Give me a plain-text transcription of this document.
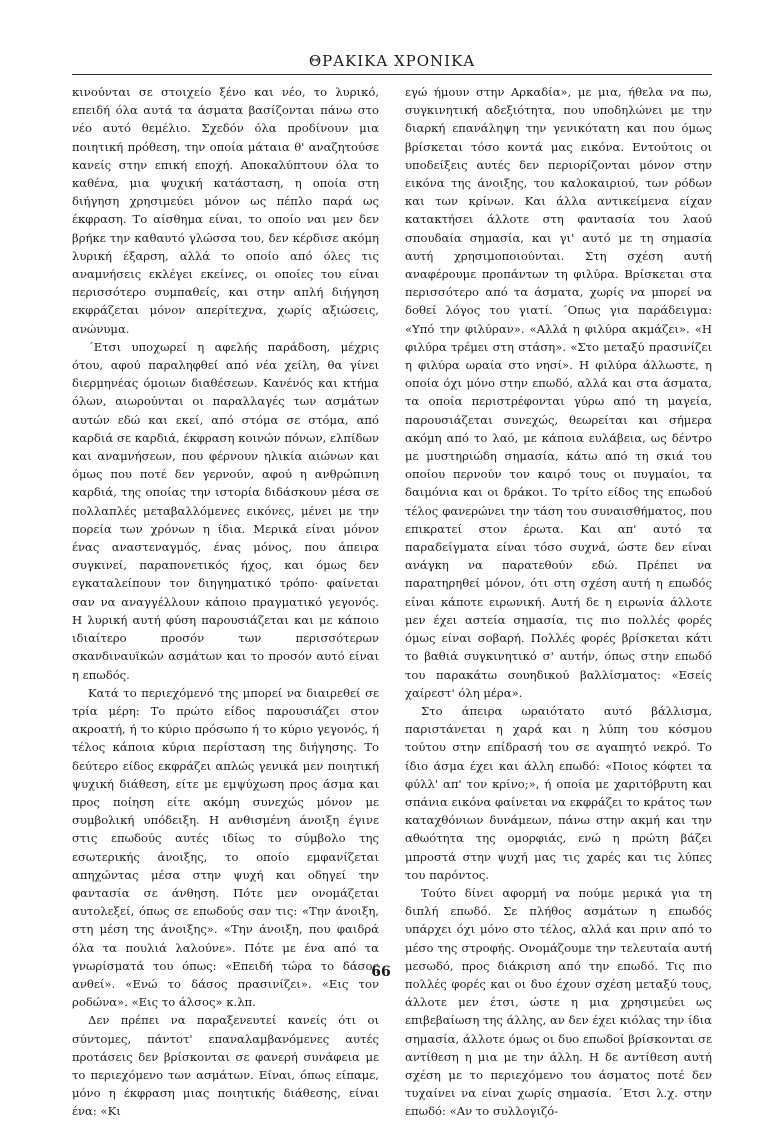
ΘΡΑΚΙΚΑ ΧΡΟΝΙΚΑ

κινούνται σε στοιχείο ξένο και νέο, το λυρικό, επειδή όλα αυτά τα άσματα βασίζονται πάνω στο νέο αυτό θεμέλιο. Σχεδόν όλα προδίνουν μια ποιητική πρόθεση, την οποία μάταια θ' αναζητούσε κανείς στην επική εποχή. Αποκαλύπτουν όλα το καθένα, μια ψυχική κατάσταση, η οποία στη διήγηση χρησιμεύει μόνον ως πέπλο παρά ως έκφραση. Το αίσθημα είναι, το οποίο ναι μεν δεν βρήκε την καθαυτό γλώσσα του, δεν κέρδισε ακόμη λυρική έξαρση, αλλά το οποίο από όλες τις αναμνήσεις εκλέγει εκείνες, οι οποίες του είναι περισσότερο συμπαθείς, και στην απλή διήγηση εκφράζεται μόνον απερίτεχνα, χωρίς αξιώσεις, ανώνυμα.

΄Ετσι υποχωρεί η αφελής παράδοση, μέχρις ότου, αφού παραληφθεί από νέα χείλη, θα γίνει διερμηνέας όμοιων διαθέσεων. Κανένός και κτήμα όλων, αιωρούνται οι παραλλαγές των ασμάτων αυτών εδώ και εκεί, από στόμα σε στόμα, από καρδιά σε καρδιά, έκφραση κοινών πόνων, ελπίδων και αναμνήσεων, που φέρνουν ηλικία αιώνων και όμως που ποτέ δεν γερνούν, αφού η ανθρώπινη καρδιά, της οποίας την ιστορία διδάσκουν μέσα σε πολλαπλές μεταβαλλόμενες εικόνες, μένει με την πορεία των χρόνων η ίδια. Μερικά είναι μόνον ένας αναστεναγμός, ένας μόνος, που άπειρα συγκινεί, παραπονετικός ήχος, και όμως δεν εγκαταλείπουν τον διηγηματικό τρόπο· φαίνεται σαν να αναγγέλλουν κάποιο πραγματικό γεγονός. Η λυρική αυτή φύση παρουσιάζεται και με κάποιο ιδιαίτερο προσόν των περισσότερων σκανδιναυϊκών ασμάτων και το προσόν αυτό είναι η επωδός.

Κατά το περιεχόμενό της μπορεί να διαιρεθεί σε τρία μέρη: Το πρώτο είδος παρουσιάζει στον ακροατή, ή το κύριο πρόσωπο ή το κύριο γεγονός, ή τέλος κάποια κύρια περίσταση της διήγησης. Το δεύτερο είδος εκφράζει απλώς γενικά μεν ποιητική ψυχική διάθεση, είτε με εμψύχωση προς άσμα και προς ποίηση είτε ακόμη συνεχώς μόνον με συμβολική υπόδειξη. Η ανθισμένη άνοιξη έγινε στις επωδούς αυτές ιδίως το σύμβολο της εσωτερικής άνοιξης, το οποίο εμφανίζεται απηχώντας μέσα στην ψυχή και οδηγεί την φαντασία σε άνθηση. Πότε μεν ονομάζεται αυτολεξεί, όπως σε επωδούς σαν τις: «Την άνοιξη, στη μέση της άνοιξης». «Την άνοιξη, που φαιδρά όλα τα πουλιά λαλούνε». Πότε με ένα από τα γνωρίσματά του όπως: «Επειδή τώρα το δάσος ανθεί». «Ενώ το δάσος πρασινίζει». «Εις τον ροδώνα». «Εις το άλσος» κ.λπ.

Δεν πρέπει να παραξενευτεί κανείς ότι οι σύντομες, πάντοτ' επαναλαμβανόμενες αυτές προτάσεις δεν βρίσκονται σε φανερή συνάφεια με το περιεχόμενο των ασμάτων. Είναι, όπως είπαμε, μόνο η έκφραση μιας ποιητικής διάθεσης, είναι ένα: «Κι

εγώ ήμουν στην Αρκαδία», με μια, ήθελα να πω, συγκινητική αδεξιότητα, που υποδηλώνει με την διαρκή επανάληψη την γενικότατη και που όμως βρίσκεται τόσο κοντά μας εικόνα. Εντούτοις οι υποδείξεις αυτές δεν περιορίζονται μόνον στην εικόνα της άνοιξης, του καλοκαιριού, των ρόδων και των κρίνων. Και άλλα αντικείμενα είχαν κατακτήσει άλλοτε στη φαντασία του λαού σπουδαία σημασία, και γι' αυτό με τη σημασία αυτή χρησιμοποιούνται. Στη σχέση αυτή αναφέρουμε προπάντων τη φιλύρα. Βρίσκεται στα περισσότερο από τα άσματα, χωρίς να μπορεί να δοθεί λόγος του γιατί. ΄Οπως για παράδειγμα: «Υπό την φιλύραν». «Αλλά η φιλύρα ακμάζει». «Η φιλύρα τρέμει στη στάση». «Στο μεταξύ πρασινίζει η φιλύρα ωραία στο νησί». Η φιλύρα άλλωστε, η οποία όχι μόνο στην επωδό, αλλά και στα άσματα, τα οποία περιστρέφονται γύρω από τη μαγεία, παρουσιάζεται συνεχώς, θεωρείται και σήμερα ακόμη από το λαό, με κάποια ευλάβεια, ως δέντρο με μυστηριώδη σημασία, κάτω από τη σκιά του οποίου περνούν τον καιρό τους οι πυγμαίοι, τα δαιμόνια και οι δράκοι. Το τρίτο είδος της επωδού τέλος φανερώνει την τάση του συναισθήματος, που επικρατεί στον έρωτα. Και απ' αυτό τα παραδείγματα είναι τόσο συχνά, ώστε δεν είναι ανάγκη να παρατεθούν εδώ. Πρέπει να παρατηρηθεί μόνον, ότι στη σχέση αυτή η επωδός είναι κάποτε ειρωνική. Αυτή δε η ειρωνία άλλοτε μεν έχει αστεία σημασία, τις πιο πολλές φορές όμως είναι σοβαρή. Πολλές φορές βρίσκεται κάτι το βαθιά συγκινητικό σ' αυτήν, όπως στην επωδό του παρακάτω σουηδικού βαλλίσματος: «Εσείς χαίρεστ' όλη μέρα».

Στο άπειρα ωραιότατο αυτό βάλλισμα, παριστάνεται η χαρά και η λύπη του κόσμου τούτου στην επίδρασή του σε αγαπητό νεκρό. Το ίδιο άσμα έχει και άλλη επωδό: «Ποιος κόφτει τα φύλλ' απ' τον κρίνο;», ή οποία με χαριτόβρυτη και σπάνια εικόνα φαίνεται να εκφράζει το κράτος των καταχθόνιων δυνάμεων, πάνω στην ακμή και την αθωότητα της ομορφιάς, ενώ η πρώτη βάζει μπροστά στην ψυχή μας τις χαρές και τις λύπες του παρόντος.

Τούτο δίνει αφορμή να πούμε μερικά για τη διπλή επωδό. Σε πλήθος ασμάτων η επωδός υπάρχει όχι μόνο στο τέλος, αλλά και πριν από το μέσο της στροφής. Ονομάζουμε την τελευταία αυτή μεσωδό, προς διάκριση από την επωδό. Τις πιο πολλές φορές και οι δυο έχουν σχέση μεταξύ τους, άλλοτε μεν έτσι, ώστε η μια χρησιμεύει ως επιβεβαίωση της άλλης, αν δεν έχει κιόλας την ίδια σημασία, άλλοτε όμως οι δυο επωδοί βρίσκονται σε αντίθεση η μια με την άλλη. Η δε αντίθεση αυτή σχέση με το περιεχόμενο του άσματος ποτέ δεν τυχαίνει να είναι χωρίς σημασία. ΄Ετσι λ.χ. στην επωδό: «Αν το συλλογιζό-

66
